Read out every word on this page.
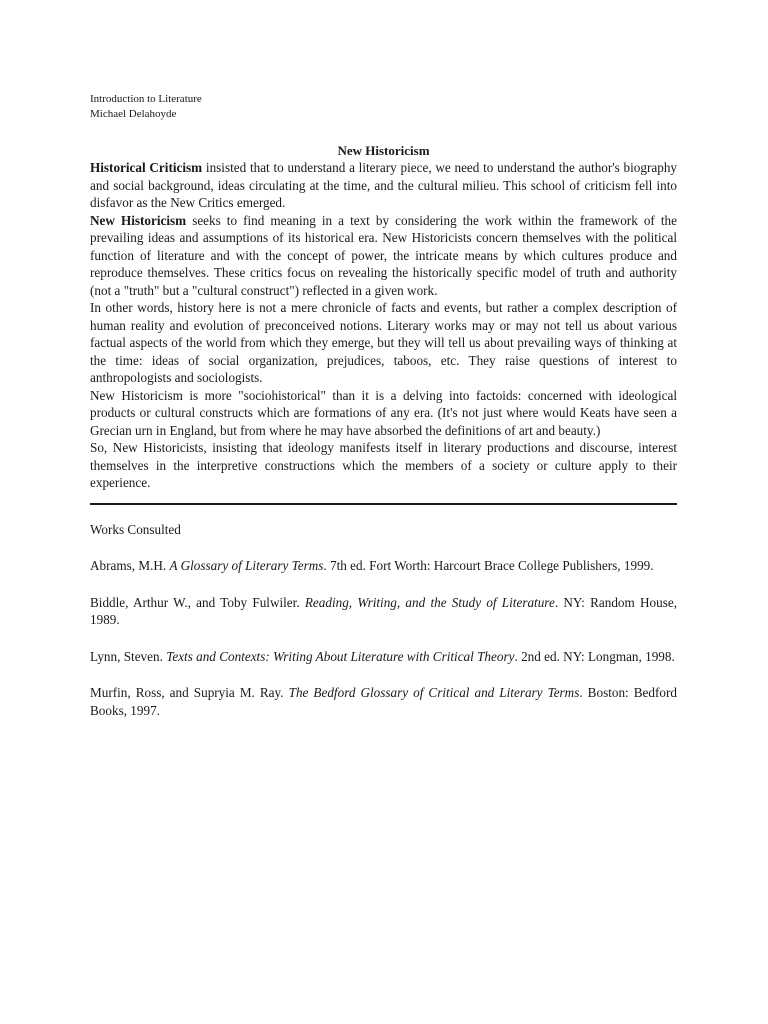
Introduction to Literature
Michael Delahoyde
New Historicism

Historical Criticism insisted that to understand a literary piece, we need to understand the author's biography and social background, ideas circulating at the time, and the cultural milieu. This school of criticism fell into disfavor as the New Critics emerged.

New Historicism seeks to find meaning in a text by considering the work within the framework of the prevailing ideas and assumptions of its historical era. New Historicists concern themselves with the political function of literature and with the concept of power, the intricate means by which cultures produce and reproduce themselves. These critics focus on revealing the historically specific model of truth and authority (not a "truth" but a "cultural construct") reflected in a given work.

In other words, history here is not a mere chronicle of facts and events, but rather a complex description of human reality and evolution of preconceived notions. Literary works may or may not tell us about various factual aspects of the world from which they emerge, but they will tell us about prevailing ways of thinking at the time: ideas of social organization, prejudices, taboos, etc. They raise questions of interest to anthropologists and sociologists.

New Historicism is more "sociohistorical" than it is a delving into factoids: concerned with ideological products or cultural constructs which are formations of any era. (It's not just where would Keats have seen a Grecian urn in England, but from where he may have absorbed the definitions of art and beauty.)

So, New Historicists, insisting that ideology manifests itself in literary productions and discourse, interest themselves in the interpretive constructions which the members of a society or culture apply to their experience.

Works Consulted
Abrams, M.H. A Glossary of Literary Terms. 7th ed. Fort Worth: Harcourt Brace College Publishers, 1999.
Biddle, Arthur W., and Toby Fulwiler. Reading, Writing, and the Study of Literature. NY: Random House, 1989.
Lynn, Steven. Texts and Contexts: Writing About Literature with Critical Theory. 2nd ed. NY: Longman, 1998.
Murfin, Ross, and Supryia M. Ray. The Bedford Glossary of Critical and Literary Terms. Boston: Bedford Books, 1997.
